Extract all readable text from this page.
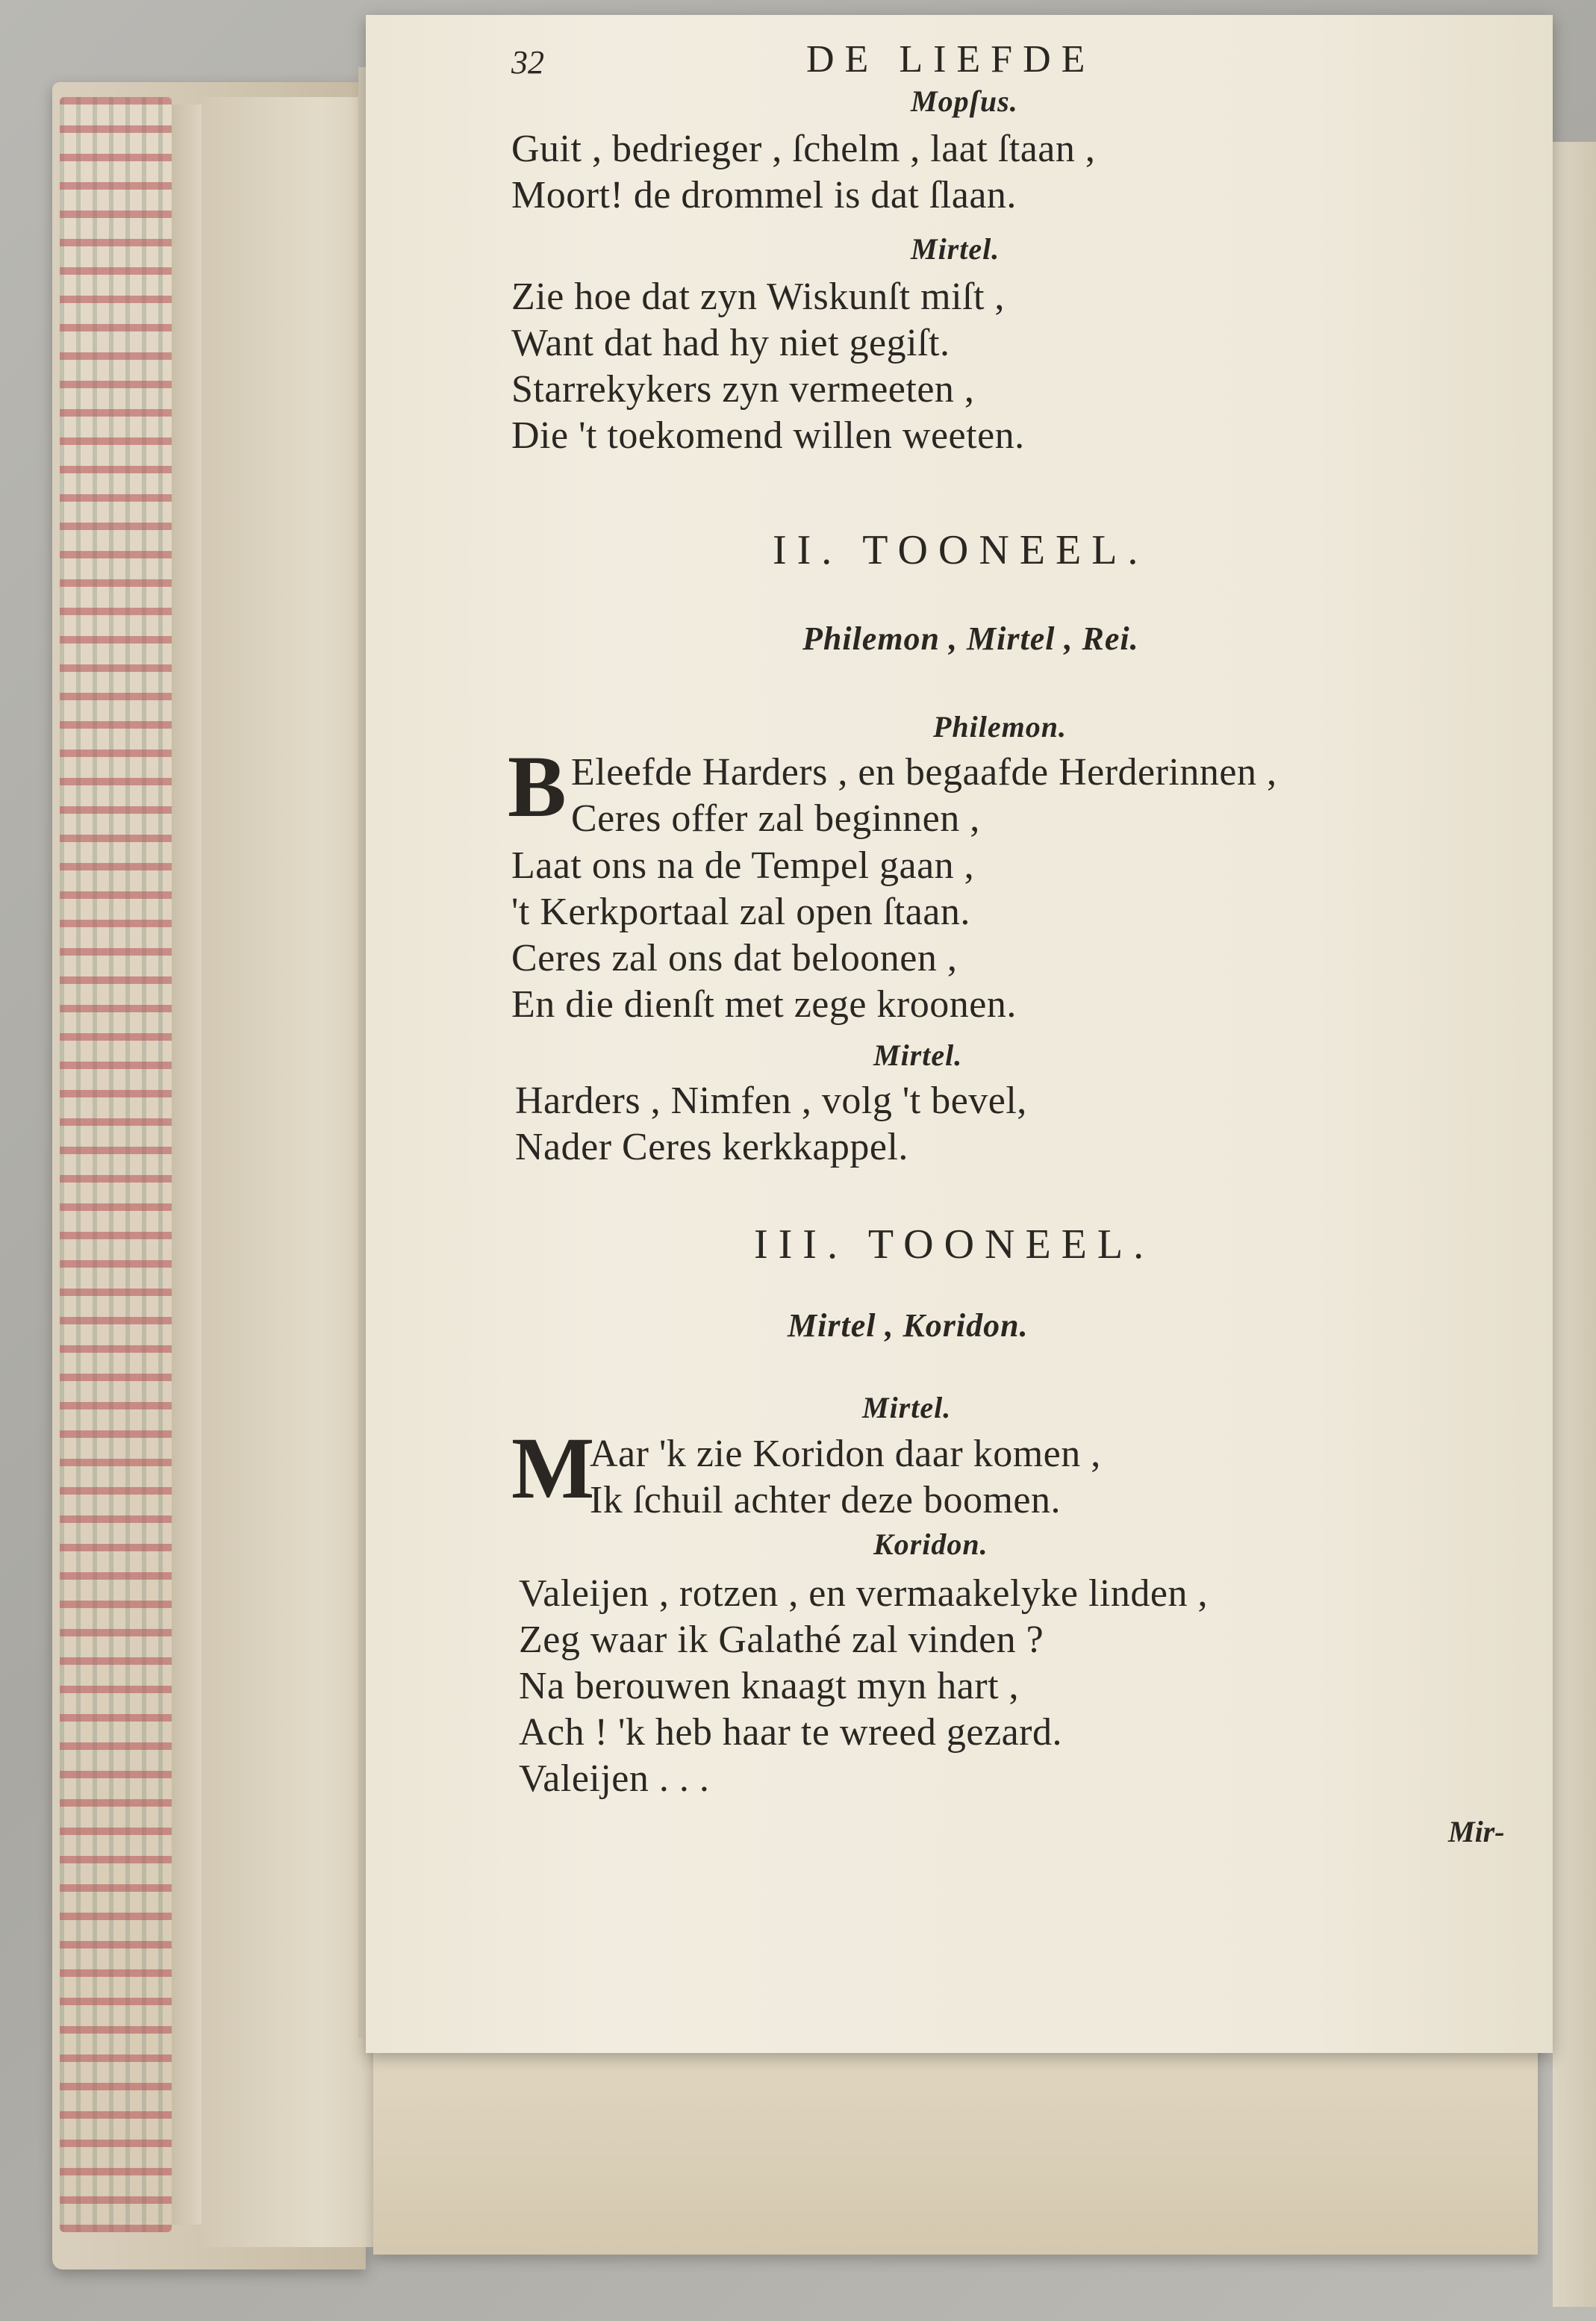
32	DE LIEFDE
Mopſus.
Guit , bedrieger , ſchelm , laat ſtaan ,
Moort! de drommel is dat ſlaan.
Mirtel.
Zie hoe dat zyn Wiskunſt miſt ,
Want dat had hy niet gegiſt.
Starrekykers zyn vermeeten ,
Die 't toekomend willen weeten.
II. TOONEEL.
Philemon , Mirtel , Rei.
Philemon.
B Eleefde Harders , en begaafde Herderinnen ,
Ceres offer zal beginnen ,
Laat ons na de Tempel gaan ,
't Kerkportaal zal open ſtaan.
Ceres zal ons dat beloonen ,
En die dienſt met zege kroonen.
Mirtel.
Harders , Nimfen , volg 't bevel,
Nader Ceres kerkkappel.
III. TOONEEL.
Mirtel , Koridon.
Mirtel.
M
Aar 'k zie Koridon daar komen ,
Ik ſchuil achter deze boomen.
Koridon.
Valeijen , rotzen , en vermaakelyke linden ,
Zeg waar ik Galathé zal vinden ?
Na berouwen knaagt myn hart ,
Ach ! 'k heb haar te wreed gezard.
Valeijen . . .
Mir-
